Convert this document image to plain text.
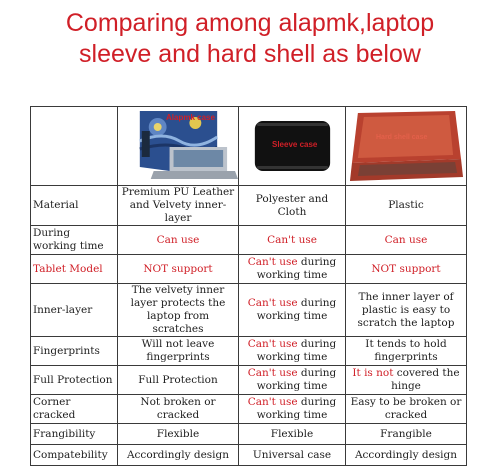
Comparing among alapmk,laptop
sleeve and hard shell as below

	Alapmk case	Sleeve case	Hard shell case

Material	Premium PU Leather and Velvety inner-layer	Polyester and Cloth	Plastic
During working time	Can use	Can't use	Can use
Tablet Model	NOT support	Can't use during working time	NOT support
Inner-layer	The velvety inner layer protects the laptop from scratches	Can't use during working time	The inner layer of plastic is easy to scratch the laptop
Fingerprints	Will not leave fingerprints	Can't use during working time	It tends to hold fingerprints
Full Protection	Full Protection	Can't use during working time	It is not covered the hinge
Corner cracked	Not broken or cracked	Can't use during working time	Easy to be broken or cracked
Frangibility	Flexible	Flexible	Frangible
Compatebility	Accordingly design	Universal case	Accordingly design
